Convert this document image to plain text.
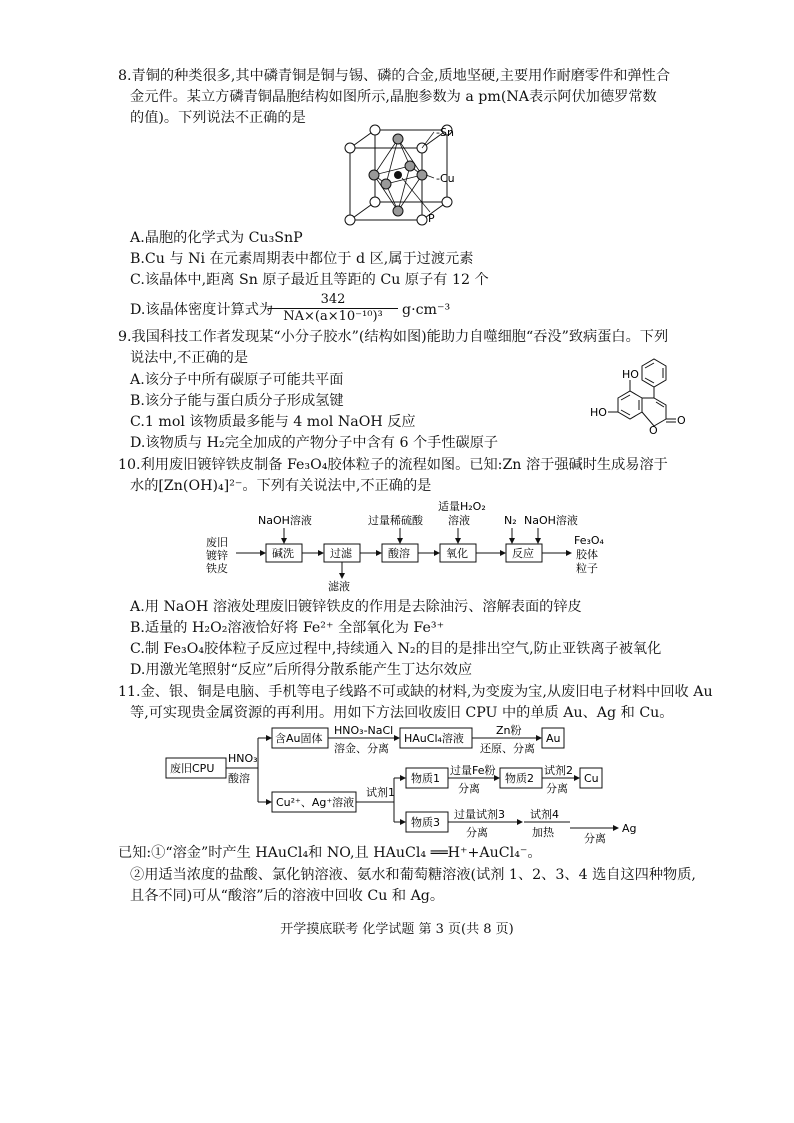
8.青铜的种类很多,其中磷青铜是铜与锡、磷的合金,质地坚硬,主要用作耐磨零件和弹性合
金元件。某立方磷青铜晶胞结构如图所示,晶胞参数为 a pm(NA表示阿伏加德罗常数
的值)。下列说法不正确的是
-Sn
-Cu
P
A.晶胞的化学式为 Cu₃SnP
B.Cu 与 Ni 在元素周期表中都位于 d 区,属于过渡元素
C.该晶体中,距离 Sn 原子最近且等距的 Cu 原子有 12 个
D.该晶体密度计算式为
$\frac{342}{\text{NA×(a×10⁻¹⁰)³}} g\cdot cm^{-3}$
9.我国科技工作者发现某“小分子胶水”(结构如图)能助力自噬细胞“吞没”致病蛋白。下列
说法中,不正确的是
A.该分子中所有碳原子可能共平面
B.该分子能与蛋白质分子形成氢键
C.1 mol 该物质最多能与 4 mol NaOH 反应
D.该物质与 H₂完全加成的产物分子中含有 6 个手性碳原子
HO
HO
O
O
10.利用废旧镀锌铁皮制备 Fe₃O₄胶体粒子的流程如图。已知:Zn 溶于强碱时生成易溶于
水的[Zn(OH)₄]²⁻。下列有关说法中,不正确的是
废旧
镀锌
铁皮
碱洗	过滤	酸溶	氧化	反应
NaOH溶液	过量稀硫酸
适量H₂O₂
溶液	N₂ NaOH溶液
滤液
Fe₃O₄
胶体
粒子
A.用 NaOH 溶液处理废旧镀锌铁皮的作用是去除油污、溶解表面的锌皮
B.适量的 H₂O₂溶液恰好将 Fe²⁺ 全部氧化为 Fe³⁺
C.制 Fe₃O₄胶体粒子反应过程中,持续通入 N₂的目的是排出空气,防止亚铁离子被氧化
D.用激光笔照射“反应”后所得分散系能产生丁达尔效应
11.金、银、铜是电脑、手机等电子线路不可或缺的材料,为变废为宝,从废旧电子材料中回收 Au
等,可实现贵金属资源的再利用。用如下方法回收废旧 CPU 中的单质 Au、Ag 和 Cu。
废旧CPU
HNO₃
酸溶
含Au固体
HNO₃-NaCl
溶金、分离
HAuCl₄溶液
Zn粉
还原、分离
Au
Cu²⁺、Ag⁺溶液
试剂1
物质1
过量Fe粉
分离
物质2
试剂2
分离
Cu
物质3
过量试剂3
分离
试剂4
加热	分离
Ag
已知:①“溶金”时产生 HAuCl₄和 NO,且 HAuCl₄ ══H⁺+AuCl₄⁻。
②用适当浓度的盐酸、氯化钠溶液、氨水和葡萄糖溶液(试剂 1、2、3、4 选自这四种物质,
且各不同)可从“酸溶”后的溶液中回收 Cu 和 Ag。
开学摸底联考 化学试题 第 3 页(共 8 页)
